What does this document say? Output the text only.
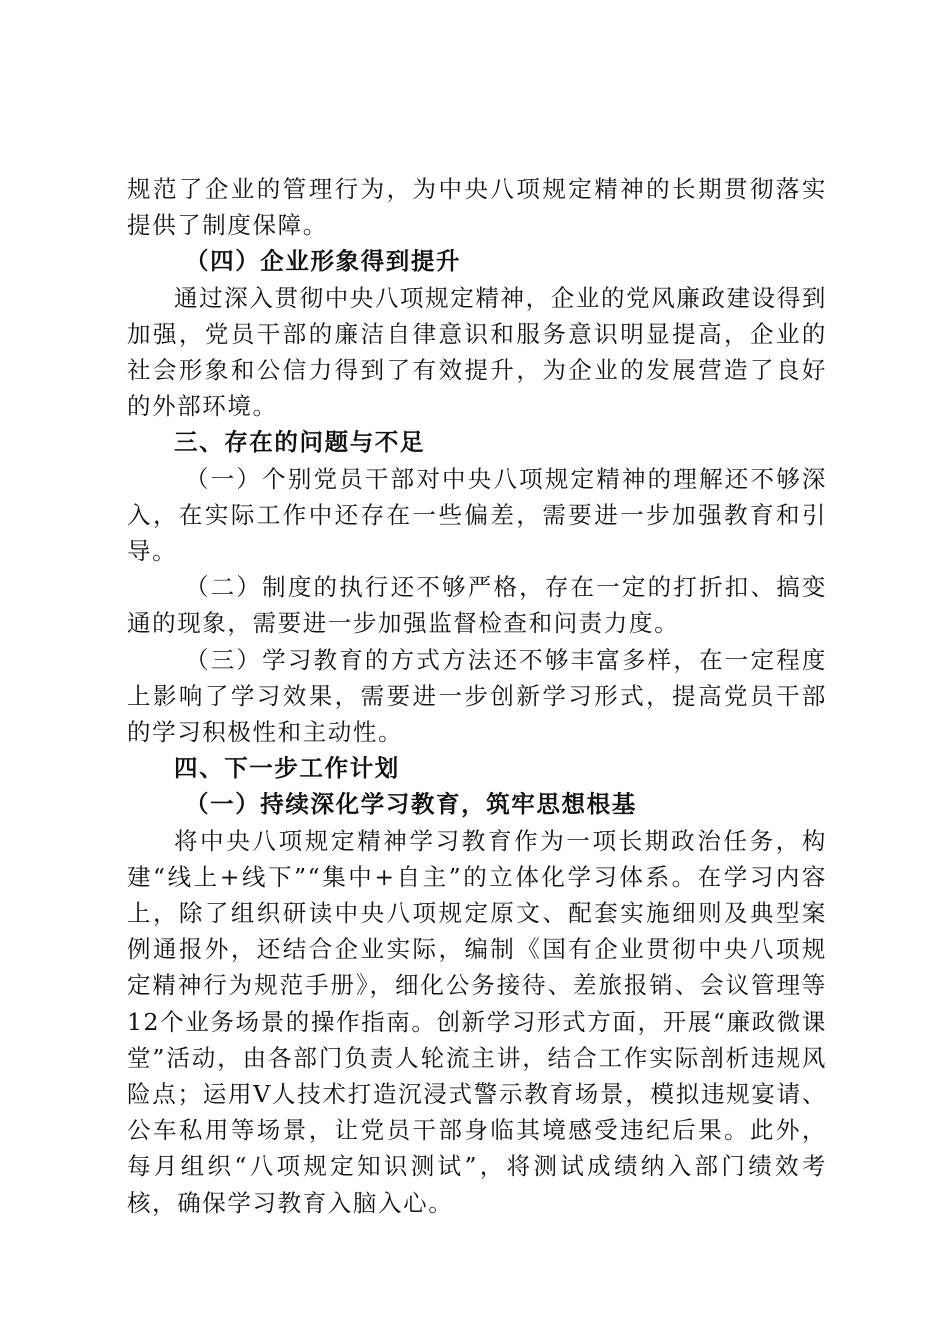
规范了企业的管理行为，为中央八项规定精神的长期贯彻落实提供了制度保障。

（四）企业形象得到提升

通过深入贯彻中央八项规定精神，企业的党风廉政建设得到加强，党员干部的廉洁自律意识和服务意识明显提高，企业的社会形象和公信力得到了有效提升，为企业的发展营造了良好的外部环境。

三、存在的问题与不足

（一）个别党员干部对中央八项规定精神的理解还不够深入，在实际工作中还存在一些偏差，需要进一步加强教育和引导。

（二）制度的执行还不够严格，存在一定的打折扣、搞变通的现象，需要进一步加强监督检查和问责力度。

（三）学习教育的方式方法还不够丰富多样，在一定程度上影响了学习效果，需要进一步创新学习形式，提高党员干部的学习积极性和主动性。

四、下一步工作计划

（一）持续深化学习教育，筑牢思想根基

将中央八项规定精神学习教育作为一项长期政治任务，构建“线上+线下”“集中+自主”的立体化学习体系。在学习内容上，除了组织研读中央八项规定原文、配套实施细则及典型案例通报外，还结合企业实际，编制《国有企业贯彻中央八项规定精神行为规范手册》，细化公务接待、差旅报销、会议管理等12个业务场景的操作指南。创新学习形式方面，开展“廉政微课堂”活动，由各部门负责人轮流主讲，结合工作实际剖析违规风险点；运用V人技术打造沉浸式警示教育场景，模拟违规宴请、公车私用等场景，让党员干部身临其境感受违纪后果。此外，每月组织“八项规定知识测试”，将测试成绩纳入部门绩效考核，确保学习教育入脑入心。
